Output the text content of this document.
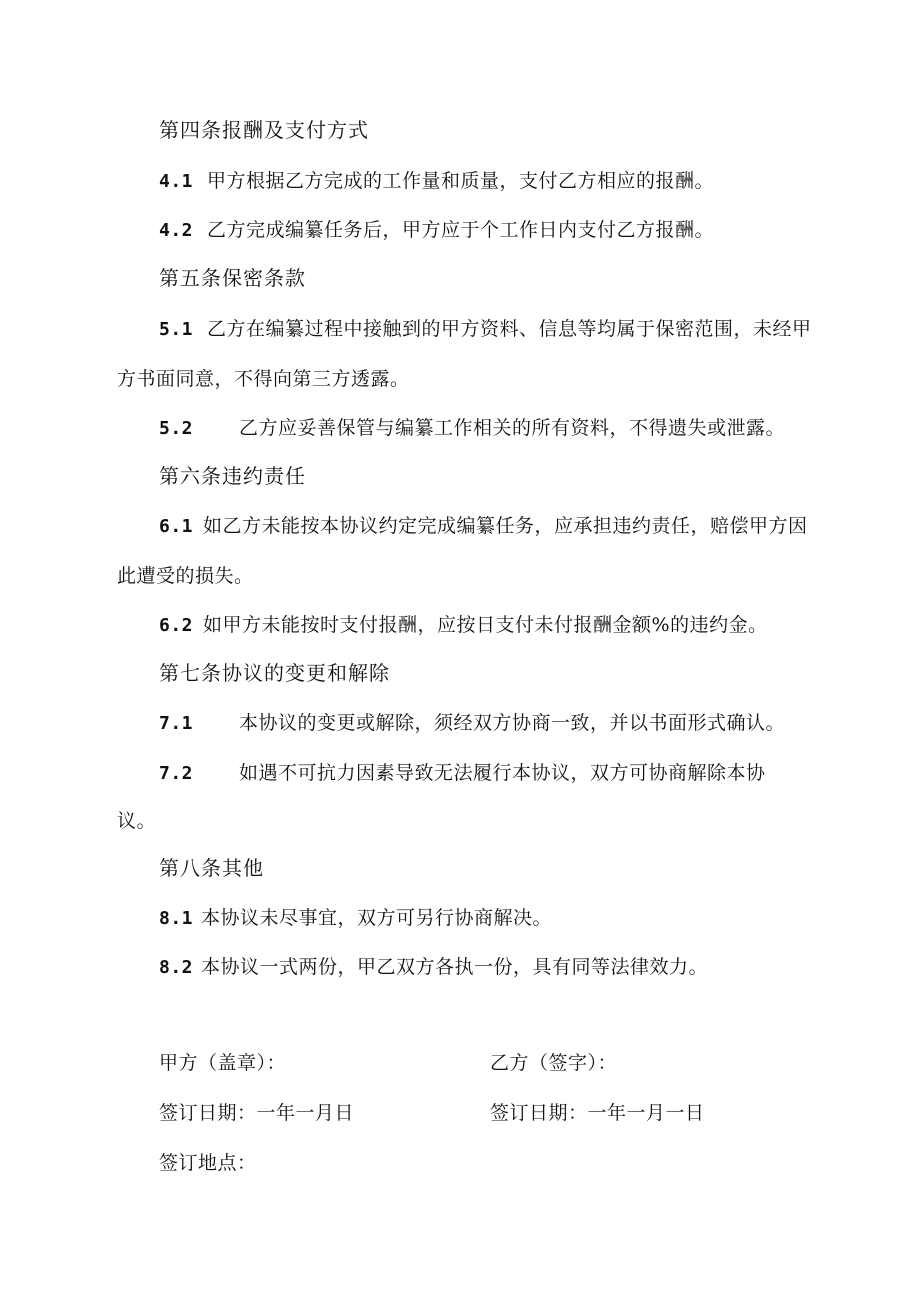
第四条报酬及支付方式
4.1 甲方根据乙方完成的工作量和质量，支付乙方相应的报酬。
4.2 乙方完成编纂任务后，甲方应于个工作日内支付乙方报酬。
第五条保密条款
5.1 乙方在编纂过程中接触到的甲方资料、信息等均属于保密范围，未经甲
方书面同意，不得向第三方透露。
5.2 乙方应妥善保管与编纂工作相关的所有资料，不得遗失或泄露。
第六条违约责任
6.1 如乙方未能按本协议约定完成编纂任务，应承担违约责任，赔偿甲方因
此遭受的损失。
6.2 如甲方未能按时支付报酬，应按日支付未付报酬金额%的违约金。
第七条协议的变更和解除
7.1 本协议的变更或解除，须经双方协商一致，并以书面形式确认。
7.2 如遇不可抗力因素导致无法履行本协议，双方可协商解除本协
议。
第八条其他
8.1 本协议未尽事宜，双方可另行协商解决。
8.2 本协议一式两份，甲乙双方各执一份，具有同等法律效力。
甲方（盖章）：	乙方（签字）：
签订日期：一年一月日	签订日期：一年一月一日
签订地点：
